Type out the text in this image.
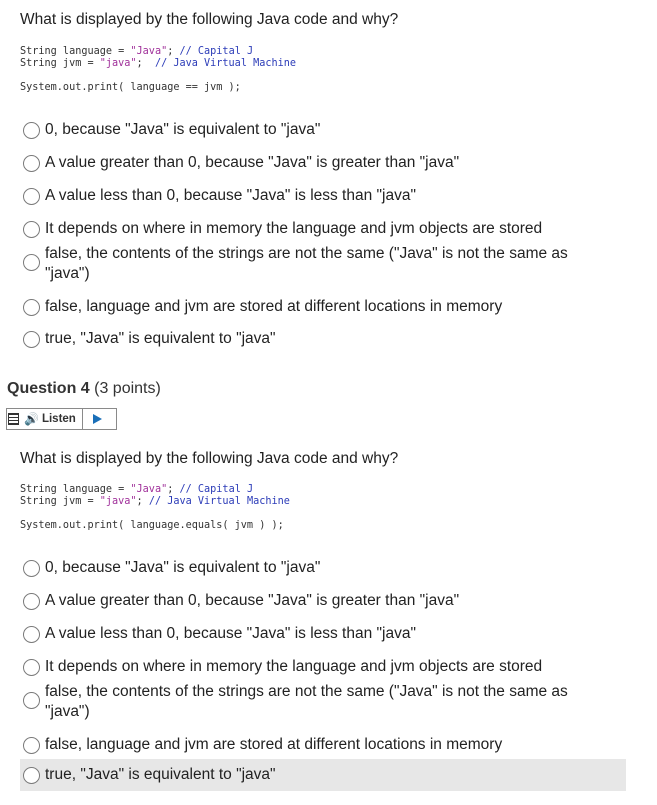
What is displayed by the following Java code and why?
String language = "Java"; // Capital J
String jvm = "java";  // Java Virtual Machine
System.out.print( language == jvm );
0, because "Java" is equivalent to "java"
A value greater than 0, because "Java" is greater than "java"
A value less than 0, because "Java" is less than "java"
It depends on where in memory the language and jvm objects are stored
false, the contents of the strings are not the same ("Java" is not the same as "java")
false, language and jvm are stored at different locations in memory
true, "Java" is equivalent to "java"
Question 4 (3 points)
🔊 Listen
What is displayed by the following Java code and why?
String language = "Java"; // Capital J
String jvm = "java"; // Java Virtual Machine
System.out.print( language.equals( jvm ) );
0, because "Java" is equivalent to "java"
A value greater than 0, because "Java" is greater than "java"
A value less than 0, because "Java" is less than "java"
It depends on where in memory the language and jvm objects are stored
false, the contents of the strings are not the same ("Java" is not the same as "java")
false, language and jvm are stored at different locations in memory
true, "Java" is equivalent to "java"
